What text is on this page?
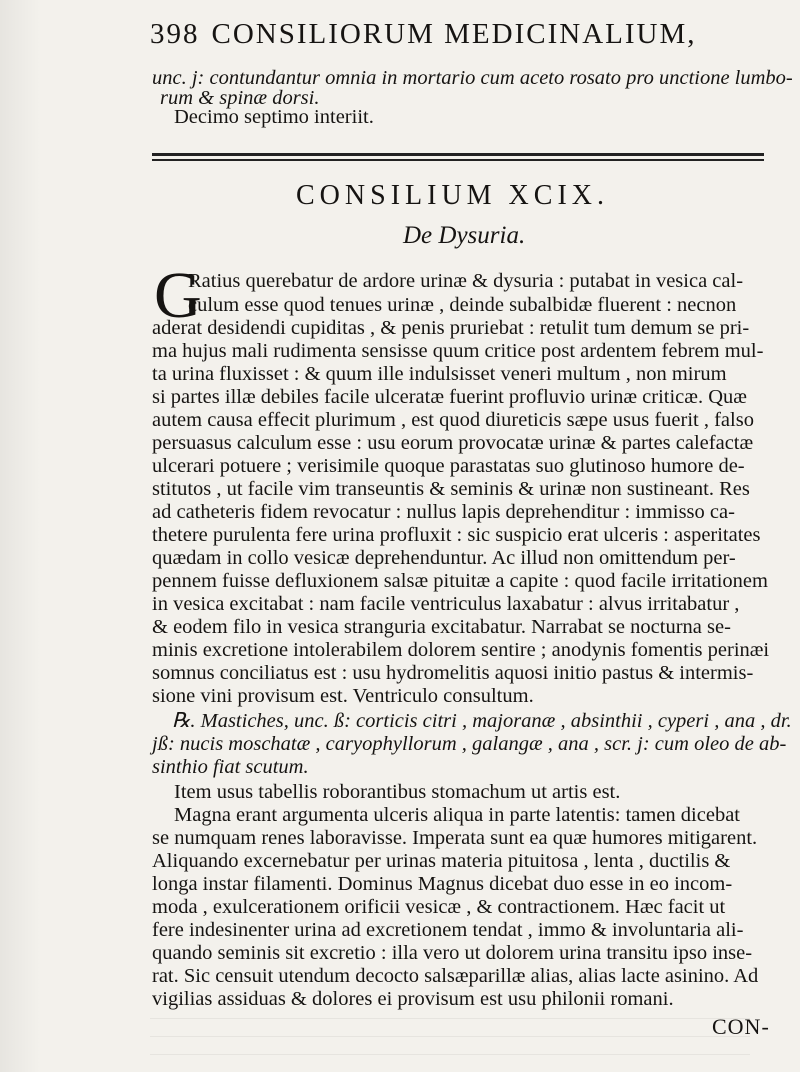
398 CONSILIORUM MEDICINALIUM,
unc. j: contundantur omnia in mortario cum aceto rosato pro unctione lumbo-
rum & spinæ dorsi.
Decimo septimo interiit.
CONSILIUM XCIX.
De Dysuria.
G
Ratius querebatur de ardore urinæ & dysuria : putabat in vesica cal-
culum esse quod tenues urinæ , deinde subalbidæ fluerent : necnon
aderat desidendi cupiditas , & penis pruriebat : retulit tum demum se pri-
ma hujus mali rudimenta sensisse quum critice post ardentem febrem mul-
ta urina fluxisset : & quum ille indulsisset veneri multum , non mirum
si partes illæ debiles facile ulceratæ fuerint profluvio urinæ criticæ. Quæ
autem causa effecit plurimum , est quod diureticis sæpe usus fuerit , falso
persuasus calculum esse : usu eorum provocatæ urinæ & partes calefactæ
ulcerari potuere ; verisimile quoque parastatas suo glutinoso humore de-
stitutos , ut facile vim transeuntis & seminis & urinæ non sustineant. Res
ad catheteris fidem revocatur : nullus lapis deprehenditur : immisso ca-
thetere purulenta fere urina profluxit : sic suspicio erat ulceris : asperitates
quædam in collo vesicæ deprehenduntur. Ac illud non omittendum per-
pennem fuisse defluxionem salsæ pituitæ a capite : quod facile irritationem
in vesica excitabat : nam facile ventriculus laxabatur : alvus irritabatur ,
& eodem filo in vesica stranguria excitabatur. Narrabat se nocturna se-
minis excretione intolerabilem dolorem sentire ; anodynis fomentis perinæi
somnus conciliatus est : usu hydromelitis aquosi initio pastus & intermis-
sione vini provisum est. Ventriculo consultum.
℞. Mastiches, unc. ß: corticis citri , majoranæ , absinthii , cyperi , ana , dr.
jß: nucis moschatæ , caryophyllorum , galangæ , ana , scr. j: cum oleo de ab-
sinthio fiat scutum.
Item usus tabellis roborantibus stomachum ut artis est.
Magna erant argumenta ulceris aliqua in parte latentis: tamen dicebat
se numquam renes laboravisse. Imperata sunt ea quæ humores mitigarent.
Aliquando excernebatur per urinas materia pituitosa , lenta , ductilis &
longa instar filamenti. Dominus Magnus dicebat duo esse in eo incom-
moda , exulcerationem orificii vesicæ , & contractionem. Hæc facit ut
fere indesinenter urina ad excretionem tendat , immo & involuntaria ali-
quando seminis sit excretio : illa vero ut dolorem urina transitu ipso inse-
rat. Sic censuit utendum decocto salsæparillæ alias, alias lacte asinino. Ad
vigilias assiduas & dolores ei provisum est usu philonii romani.
CON-
